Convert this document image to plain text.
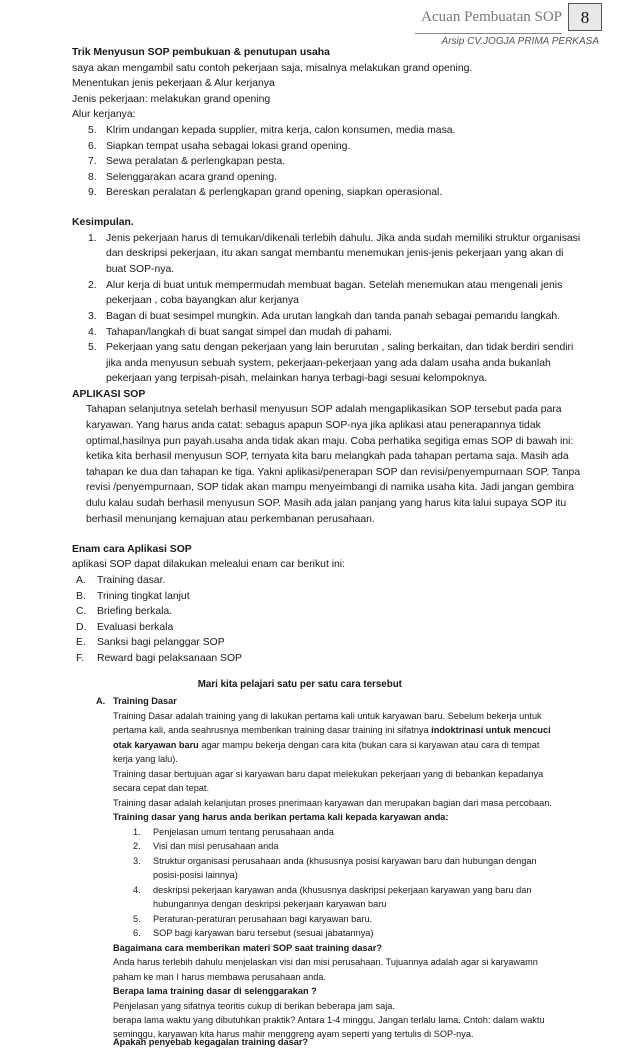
Acuan Pembuatan SOP	8
Arsip CV.JOGJA PRIMA PERKASA
Trik Menyusun SOP pembukuan & penutupan usaha
saya akan mengambil satu contoh pekerjaan saja, misalnya melakukan grand opening.
Menentukan jenis pekerjaan & Alur kerjanya
Jenis pekerjaan: melakukan grand opening
Alur kerjanya:
5. Klrim undangan kepada supplier, mitra kerja, calon konsumen, media masa.
6. Siapkan tempat usaha sebagai lokasi grand opening.
7. Sewa peralatan & perlengkapan pesta.
8. Selenggarakan acara grand opening.
9. Bereskan peralatan & perlengkapan grand opening, siapkan operasional.
Kesimpulan.
1. Jenis pekerjaan harus di temukan/dikenali terlebih dahulu. Jika anda sudah memiliki struktur organisasi
dan deskripsi pekerjaan, itu akan sangat membantu menemukan jenis-jenis pekerjaan yang akan di
buat SOP-nya.
2. Alur kerja di buat untuk mempermudah membuat bagan. Setelah menemukan atau mengenali jenis
pekerjaan , coba bayangkan alur kerjanya
3. Bagan di buat sesimpel mungkin. Ada urutan langkah dan tanda panah sebagai pemandu langkah.
4. Tahapan/langkah di buat sangat simpel dan mudah di pahami.
5. Pekerjaan yang satu dengan pekerjaan yang lain berurutan , saling berkaitan, dan tidak berdiri sendiri
jika anda menyusun sebuah system, pekerjaan-pekerjaan yang ada dalam usaha anda bukanlah
pekerjaan yang terpisah-pisah, melainkan hanya terbagi-bagi sesuai kelompoknya.
APLIKASI SOP
Tahapan selanjutnya setelah berhasil menyusun SOP adalah mengaplikasikan SOP tersebut pada para
karyawan. Yang harus anda catat: sebagus apapun SOP-nya jika aplikasi atau penerapannya tidak
optimal,hasilnya pun payah.usaha anda tidak akan maju. Coba perhatika segitiga emas SOP di bawah ini:
ketika kita berhasil menyusun SOP, ternyata kita baru melangkah pada tahapan pertama saja. Masih ada
tahapan ke dua dan tahapan ke tiga. Yakni aplikasi/penerapan SOP dan revisi/penyempurnaan SOP. Tanpa
revisi /penyempurnaan, SOP tidak akan mampu menyeimbangi di namika usaha kita. Jadi jangan gembira
dulu kalau sudah berhasil menyusun SOP. Masih ada jalan panjang yang harus kita lalui supaya SOP itu
berhasil menunjang kemajuan atau perkembanan perusahaan.
Enam cara Aplikasi SOP
aplikasi SOP dapat dilakukan melealui enam car berikut ini:
A. Training dasar.
B. Trining tingkat lanjut
C. Briefing berkala.
D. Evaluasi berkala
E. Sanksi bagi pelanggar SOP
F. Reward bagi pelaksanaan SOP
Mari kita pelajari satu per satu cara tersebut
A. Training Dasar
Training Dasar adalah training yang di lakukan pertama kali untuk karyawan baru. Sebelum bekerja untuk
pertama kali, anda seahrusnya memberikan training dasar training ini sifatnya indoktrinasi untuk mencuci
otak karyawan baru agar mampu bekerja dengan cara kita (bukan cara si karyawan atau cara di tempat
kerja yang lalu).
Training dasar bertujuan agar si karyawan baru dapat melekukan pekerjaan yang di bebankan kepadanya
secara cepat dan tepat.
Training dasar adalah kelanjutan proses pnerimaan karyawan dan merupakan bagian dari masa percobaan.
Training dasar yang harus anda berikan pertama kali kepada karyawan anda:
1. Penjelasan umum tentang perusahaan anda
2. Visi dan misi perusahaan anda
3. Struktur organisasi perusahaan anda (khususnya posisi karyawan baru dan hubungan dengan
posisi-posisi lainnya)
4. deskripsi pekerjaan karyawan anda (khususnya daskripsi pekerjaan karyawan yang baru dan
hubungannya dengan deskripsi pekerjaan karyawan baru
5. Peraturan-peraturan perusahaan bagi karyawan baru.
6. SOP bagi karyawan baru tersebut (sesuai jabatannya)
Bagaimana cara memberikan materi SOP saat training dasar?
Anda harus terlebih dahulu menjelaskan visi dan misi perusahaan. Tujuannya adalah agar si karyawamn
paham ke man I harus membawa perusahaan anda.
Berapa lama training dasar di selenggarakan ?
Penjelasan yang sifatnya teoritis cukup di berikan beberapa jam saja.
berapa lama waktu yang dibutuhkan praktik? Antara 1-4 minggu. Jangan terlalu lama. Cntoh: dalam waktu
seminggu, karyawan kita harus mahir menggreng ayam seperti yang tertulis di SOP-nya.
Apakah penyebab kegagalan training dasar?
